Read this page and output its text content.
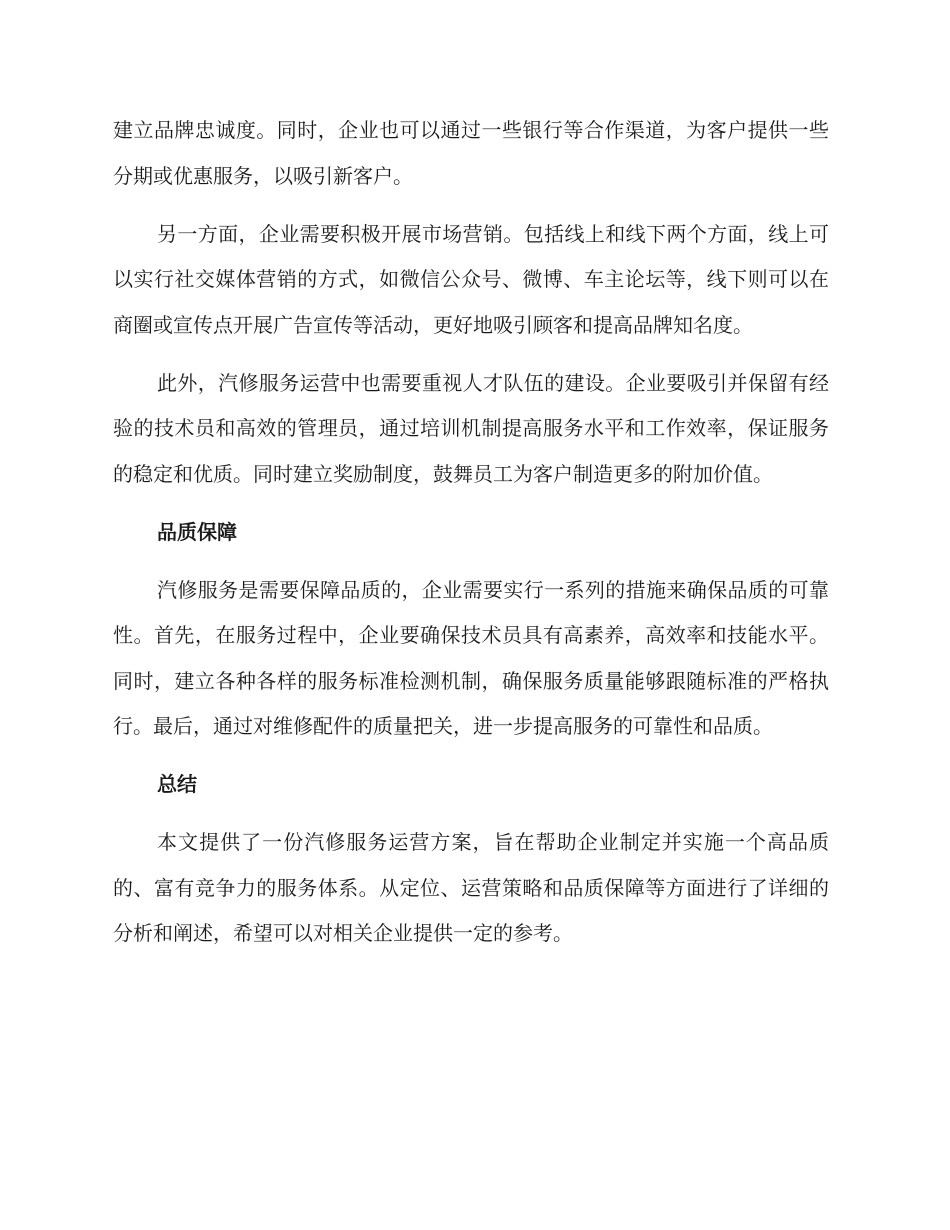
建立品牌忠诚度。同时，企业也可以通过一些银行等合作渠道，为客户提供一些分期或优惠服务，以吸引新客户。

另一方面，企业需要积极开展市场营销。包括线上和线下两个方面，线上可以实行社交媒体营销的方式，如微信公众号、微博、车主论坛等，线下则可以在商圈或宣传点开展广告宣传等活动，更好地吸引顾客和提高品牌知名度。

此外，汽修服务运营中也需要重视人才队伍的建设。企业要吸引并保留有经验的技术员和高效的管理员，通过培训机制提高服务水平和工作效率，保证服务的稳定和优质。同时建立奖励制度，鼓舞员工为客户制造更多的附加价值。

品质保障

汽修服务是需要保障品质的，企业需要实行一系列的措施来确保品质的可靠性。首先，在服务过程中，企业要确保技术员具有高素养，高效率和技能水平。同时，建立各种各样的服务标准检测机制，确保服务质量能够跟随标准的严格执行。最后，通过对维修配件的质量把关，进一步提高服务的可靠性和品质。

总结

本文提供了一份汽修服务运营方案，旨在帮助企业制定并实施一个高品质的、富有竞争力的服务体系。从定位、运营策略和品质保障等方面进行了详细的分析和阐述，希望可以对相关企业提供一定的参考。
